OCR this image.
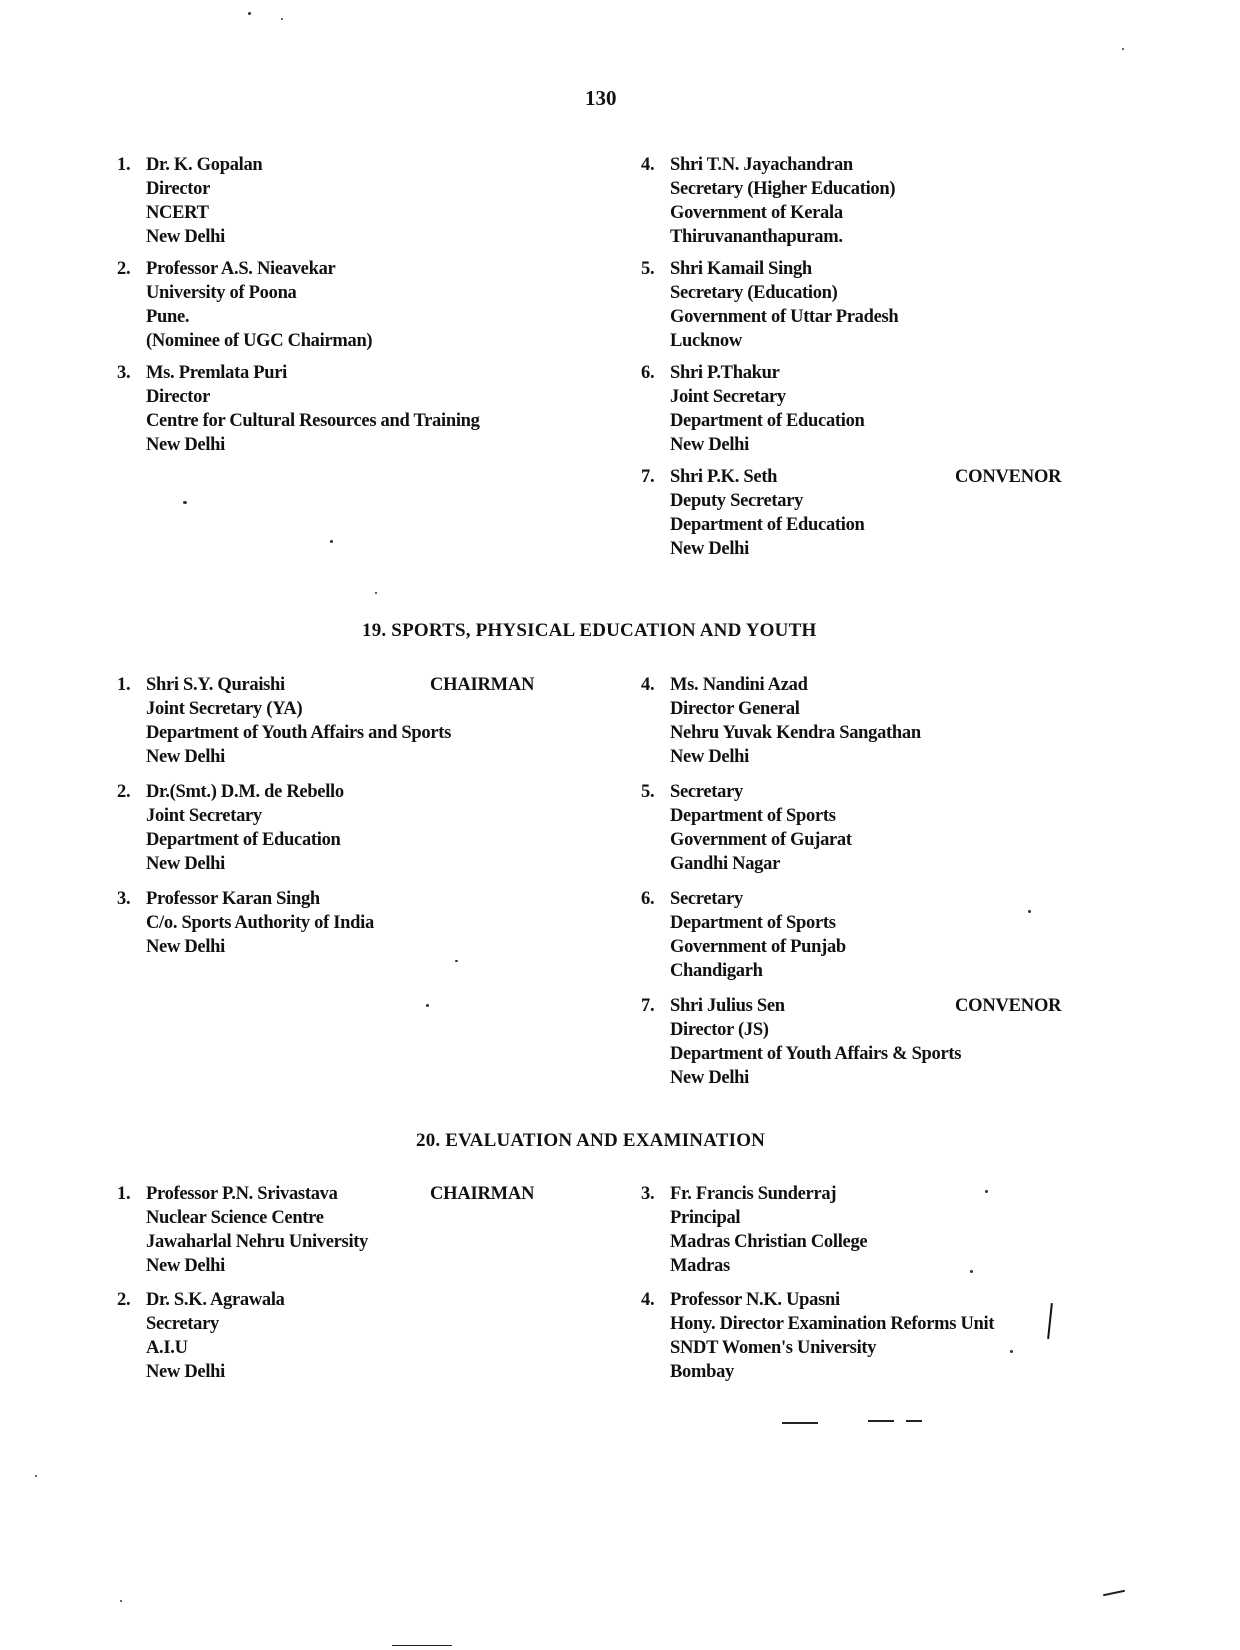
130
1. Dr. K. Gopalan
Director
NCERT
New Delhi
2. Professor A.S. Nieavekar
University of Poona
Pune.
(Nominee of UGC Chairman)
3. Ms. Premlata Puri
Director
Centre for Cultural Resources and Training
New Delhi
4. Shri T.N. Jayachandran
Secretary (Higher Education)
Government of Kerala
Thiruvananthapuram.
5. Shri Kamail Singh
Secretary (Education)
Government of Uttar Pradesh
Lucknow
6. Shri P.Thakur
Joint Secretary
Department of Education
New Delhi
7. Shri P.K. Seth
Deputy Secretary
Department of Education
New Delhi
CONVENOR
19. SPORTS, PHYSICAL EDUCATION AND YOUTH
1. Shri S.Y. Quraishi
Joint Secretary (YA)
Department of Youth Affairs and Sports
New Delhi
CHAIRMAN
2. Dr.(Smt.) D.M. de Rebello
Joint Secretary
Department of Education
New Delhi
3. Professor Karan Singh
C/o. Sports Authority of India
New Delhi
4. Ms. Nandini Azad
Director General
Nehru Yuvak Kendra Sangathan
New Delhi
5. Secretary
Department of Sports
Government of Gujarat
Gandhi Nagar
6. Secretary
Department of Sports
Government of Punjab
Chandigarh
7. Shri Julius Sen
Director (JS)
Department of Youth Affairs & Sports
New Delhi
CONVENOR
20. EVALUATION AND EXAMINATION
1. Professor P.N. Srivastava
Nuclear Science Centre
Jawaharlal Nehru University
New Delhi
CHAIRMAN
2. Dr. S.K. Agrawala
Secretary
A.I.U
New Delhi
3. Fr. Francis Sunderraj
Principal
Madras Christian College
Madras
4. Professor N.K. Upasni
Hony. Director Examination Reforms Unit
SNDT Women's University
Bombay
